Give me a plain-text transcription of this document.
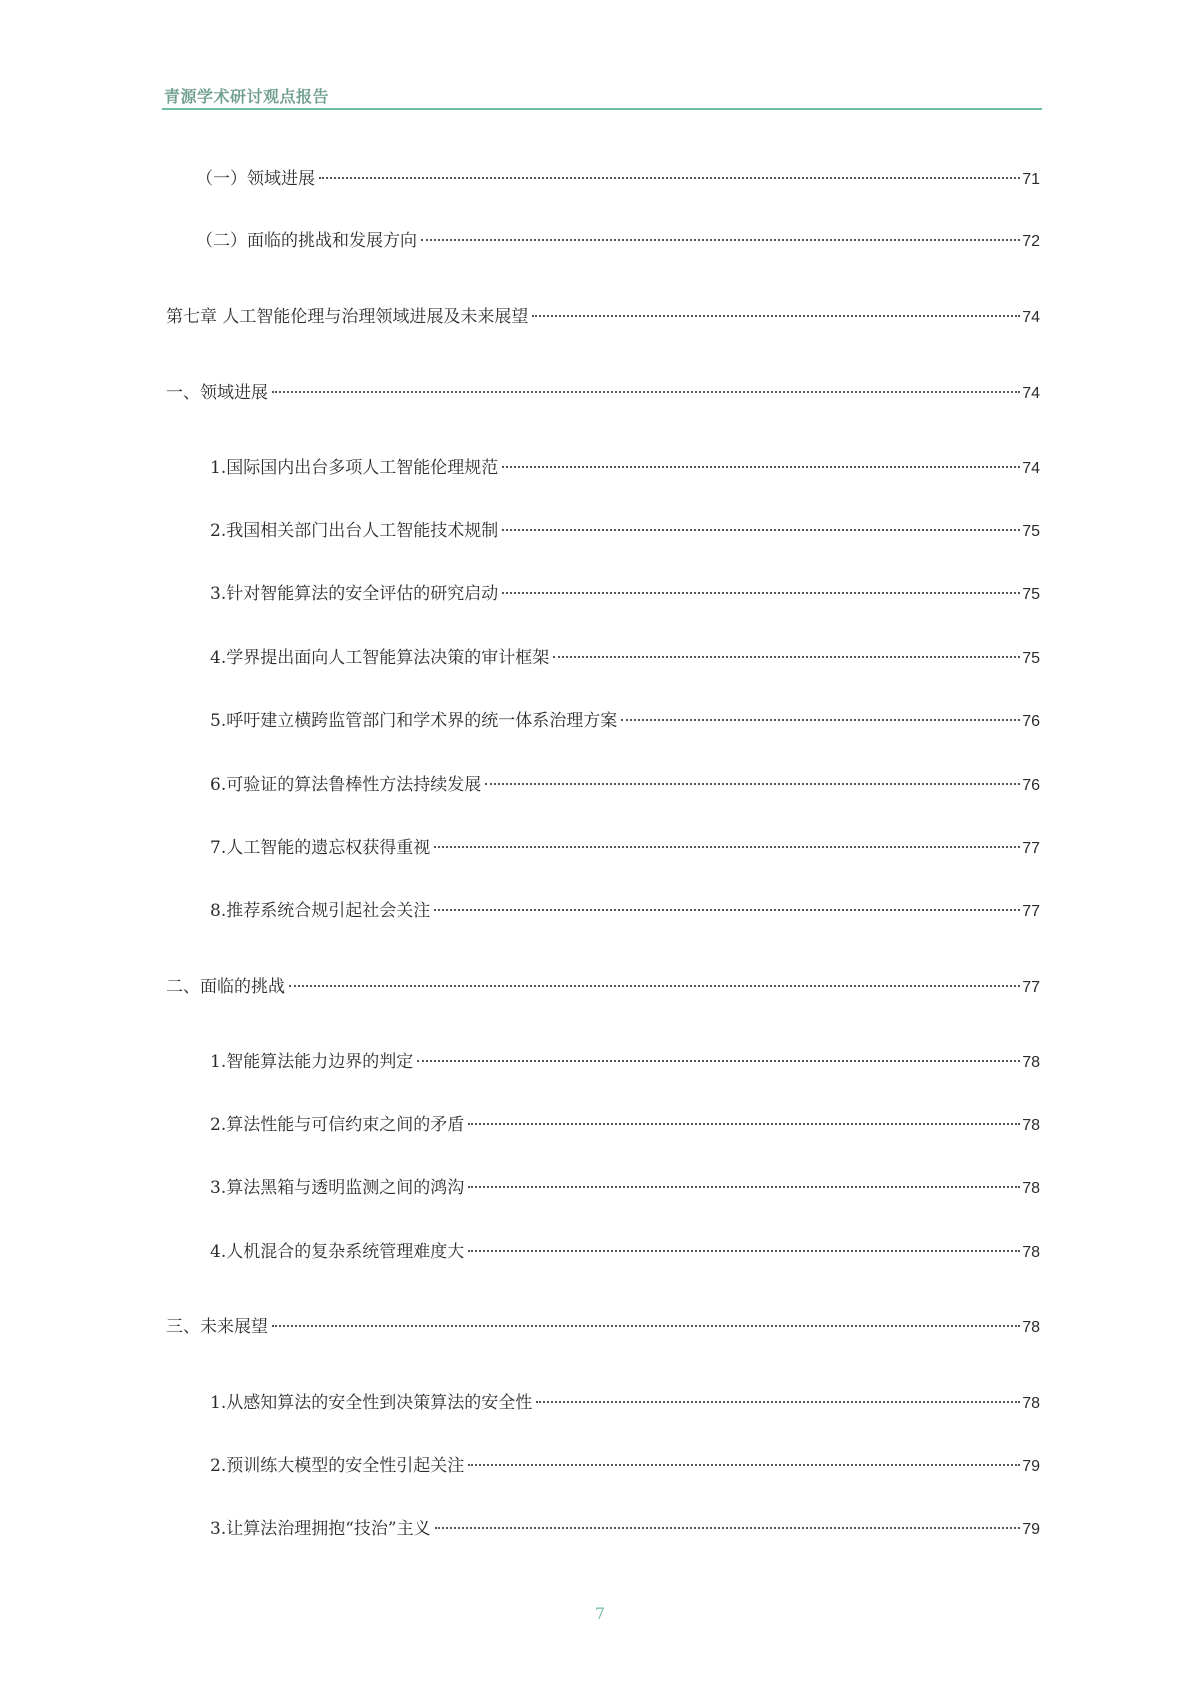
青源学术研讨观点报告
（一）领域进展	71
（二）面临的挑战和发展方向	72
第七章 人工智能伦理与治理领域进展及未来展望	74
一、领域进展	74
1.国际国内出台多项人工智能伦理规范	74
2.我国相关部门出台人工智能技术规制	75
3.针对智能算法的安全评估的研究启动	75
4.学界提出面向人工智能算法决策的审计框架	75
5.呼吁建立横跨监管部门和学术界的统一体系治理方案	76
6.可验证的算法鲁棒性方法持续发展	76
7.人工智能的遗忘权获得重视	77
8.推荐系统合规引起社会关注	77
二、面临的挑战	77
1.智能算法能力边界的判定	78
2.算法性能与可信约束之间的矛盾	78
3.算法黑箱与透明监测之间的鸿沟	78
4.人机混合的复杂系统管理难度大	78
三、未来展望	78
1.从感知算法的安全性到决策算法的安全性	78
2.预训练大模型的安全性引起关注	79
3.让算法治理拥抱“技治”主义	79
7
